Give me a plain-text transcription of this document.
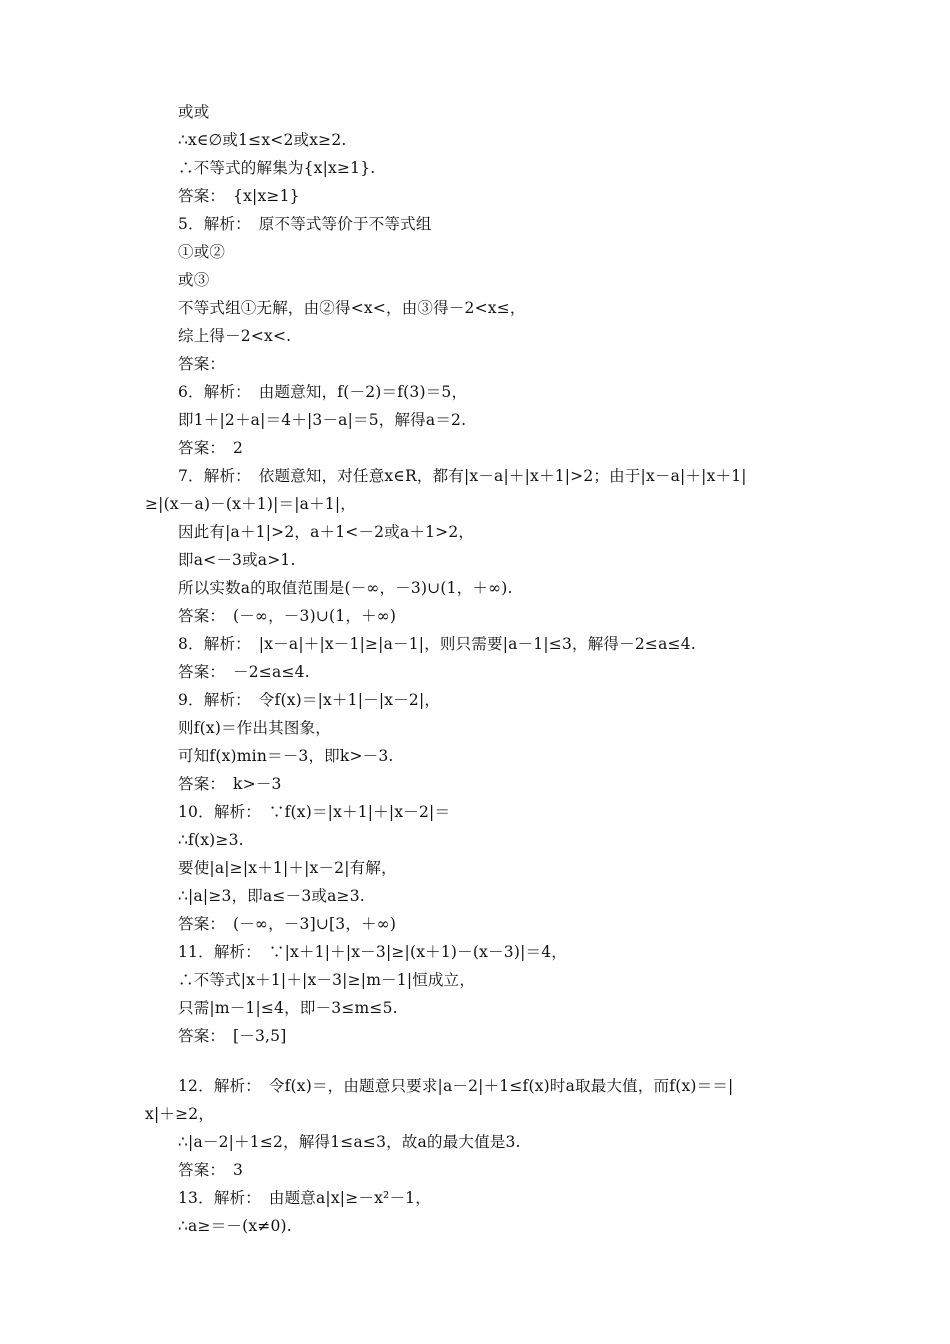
或或
∴x∈∅或1≤x<2或x≥2.
∴不等式的解集为{x|x≥1}.
答案：　{x|x≥1}
5．解析：　原不等式等价于不等式组
①或②
或③
不等式组①无解，由②得<x<，由③得－2<x≤，
综上得－2<x<.
答案：
6．解析：　由题意知，f(－2)＝f(3)＝5，
即1＋|2＋a|＝4＋|3－a|＝5，解得a＝2.
答案：　2
7．解析：　依题意知，对任意x∈R，都有|x－a|＋|x＋1|>2；由于|x－a|＋|x＋1|
≥|(x－a)－(x＋1)|＝|a＋1|，
因此有|a＋1|>2，a＋1<－2或a＋1>2，
即a<－3或a>1.
所以实数a的取值范围是(－∞，－3)∪(1，＋∞).
答案：　(－∞，－3)∪(1，＋∞)
8．解析：　|x－a|＋|x－1|≥|a－1|，则只需要|a－1|≤3，解得－2≤a≤4.
答案：　－2≤a≤4.
9．解析：　令f(x)＝|x＋1|－|x－2|，
则f(x)＝作出其图象，
可知f(x)min＝－3，即k>－3.
答案：　k>－3
10．解析：　∵f(x)＝|x＋1|＋|x－2|＝
∴f(x)≥3.
要使|a|≥|x＋1|＋|x－2|有解，
∴|a|≥3，即a≤－3或a≥3.
答案：　(－∞，－3]∪[3，＋∞)
11．解析：　∵|x＋1|＋|x－3|≥|(x＋1)－(x－3)|＝4，
∴不等式|x＋1|＋|x－3|≥|m－1|恒成立，
只需|m－1|≤4，即－3≤m≤5.
答案：　[－3,5]
12．解析：　令f(x)＝，由题意只要求|a－2|＋1≤f(x)时a取最大值，而f(x)＝＝|
x|＋≥2，
∴|a－2|＋1≤2，解得1≤a≤3，故a的最大值是3.
答案：　3
13．解析：　由题意a|x|≥－x²－1，
∴a≥＝－(x≠0).
